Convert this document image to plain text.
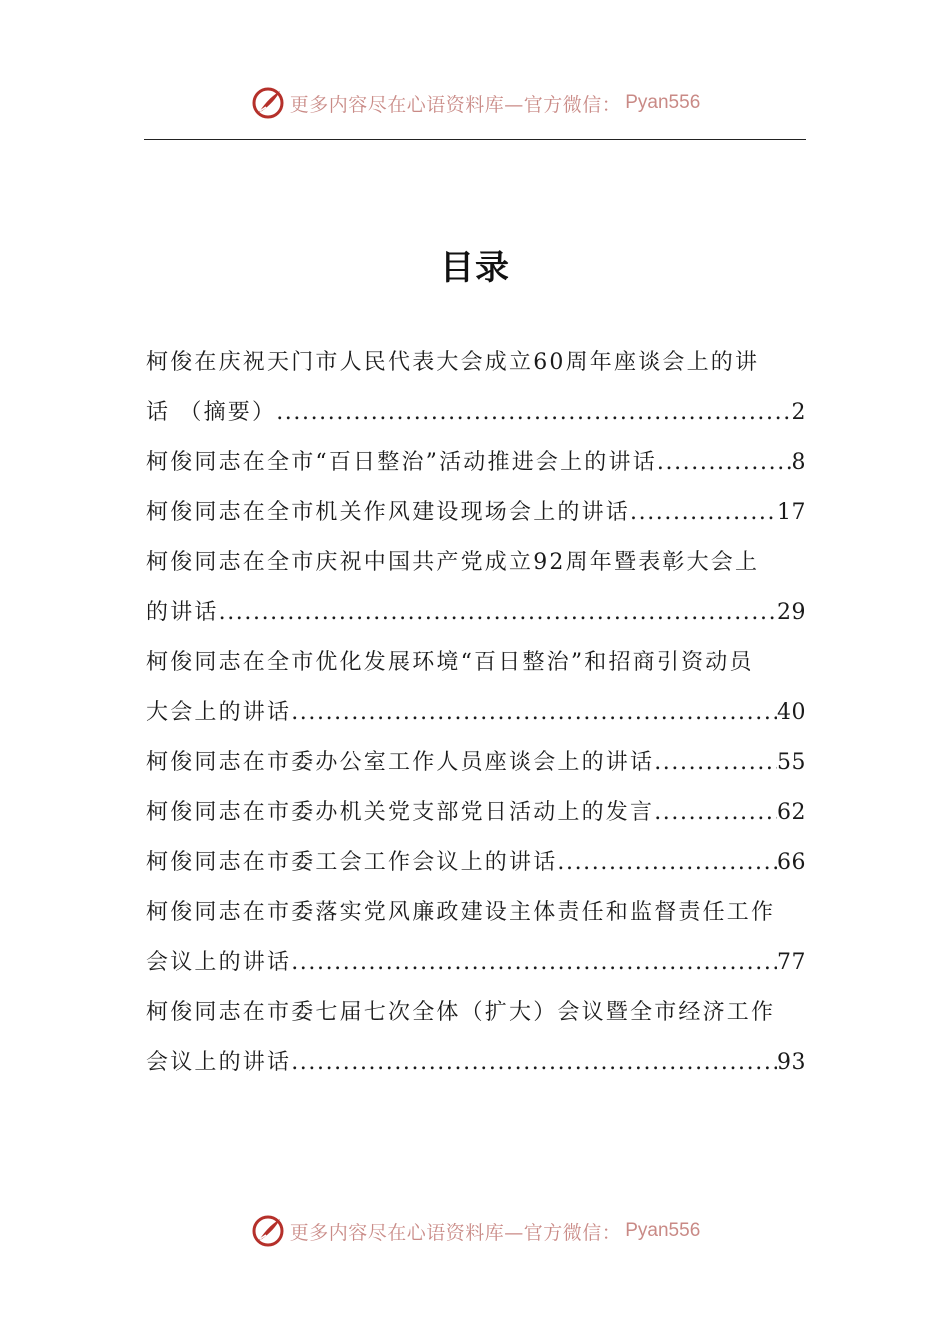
更多内容尽在心语资料库—官方微信： Pyan556
目录
柯俊在庆祝天门市人民代表大会成立60周年座谈会上的讲
话 （摘要） .....	2
柯俊同志在全市“百日整治”活动推进会上的讲话 .....	8
柯俊同志在全市机关作风建设现场会上的讲话 .....	17
柯俊同志在全市庆祝中国共产党成立92周年暨表彰大会上
的讲话 .....	29
柯俊同志在全市优化发展环境“百日整治”和招商引资动员
大会上的讲话 .....	40
柯俊同志在市委办公室工作人员座谈会上的讲话 .....	55
柯俊同志在市委办机关党支部党日活动上的发言 .....	62
柯俊同志在市委工会工作会议上的讲话 .....	66
柯俊同志在市委落实党风廉政建设主体责任和监督责任工作
会议上的讲话 .....	77
柯俊同志在市委七届七次全体（扩大）会议暨全市经济工作
会议上的讲话 .....	93
更多内容尽在心语资料库—官方微信： Pyan556
